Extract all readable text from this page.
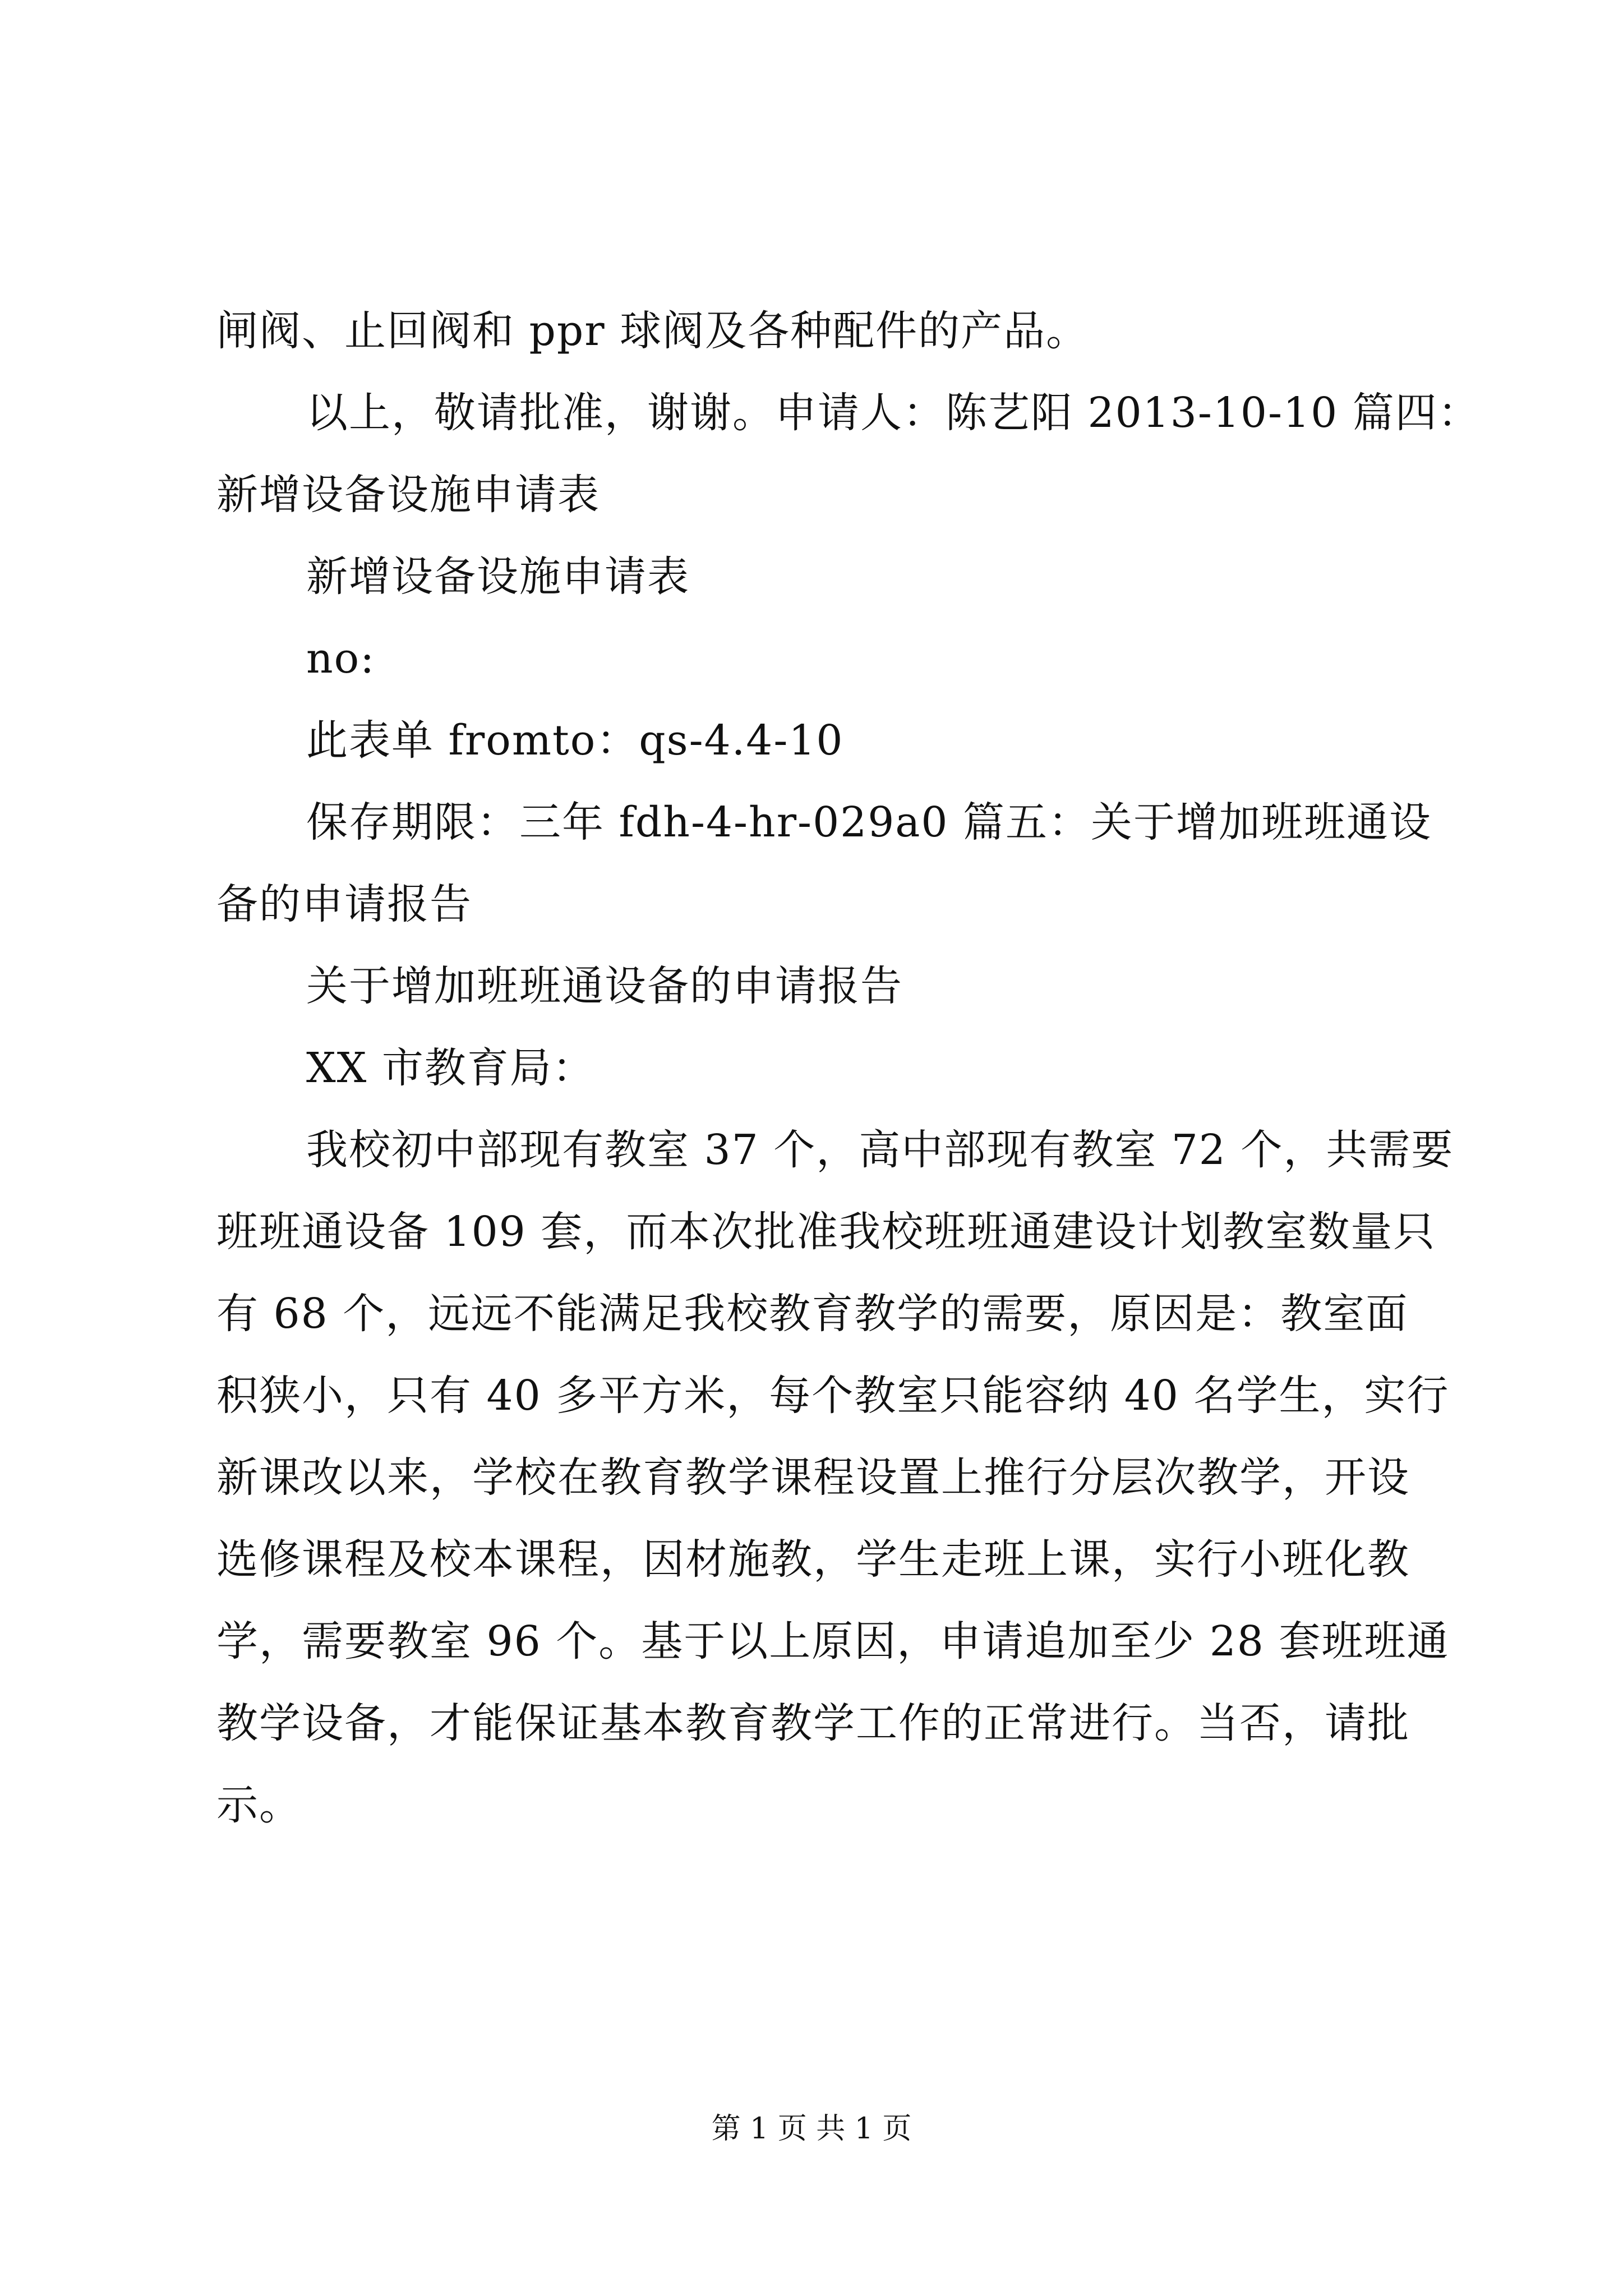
闸阀、止回阀和 ppr 球阀及各种配件的产品。
以上，敬请批准，谢谢。申请人：陈艺阳 2013-10-10 篇四：
新增设备设施申请表
新增设备设施申请表
no:
此表单 fromto：qs-4.4-10
保存期限：三年 fdh-4-hr-029a0 篇五：关于增加班班通设
备的申请报告
关于增加班班通设备的申请报告
XX 市教育局：
我校初中部现有教室 37 个，高中部现有教室 72 个，共需要
班班通设备 109 套，而本次批准我校班班通建设计划教室数量只
有 68 个，远远不能满足我校教育教学的需要，原因是：教室面
积狭小，只有 40 多平方米，每个教室只能容纳 40 名学生，实行
新课改以来，学校在教育教学课程设置上推行分层次教学，开设
选修课程及校本课程，因材施教，学生走班上课，实行小班化教
学，需要教室 96 个。基于以上原因，申请追加至少 28 套班班通
教学设备，才能保证基本教育教学工作的正常进行。当否，请批
示。
第 1 页 共 1 页
